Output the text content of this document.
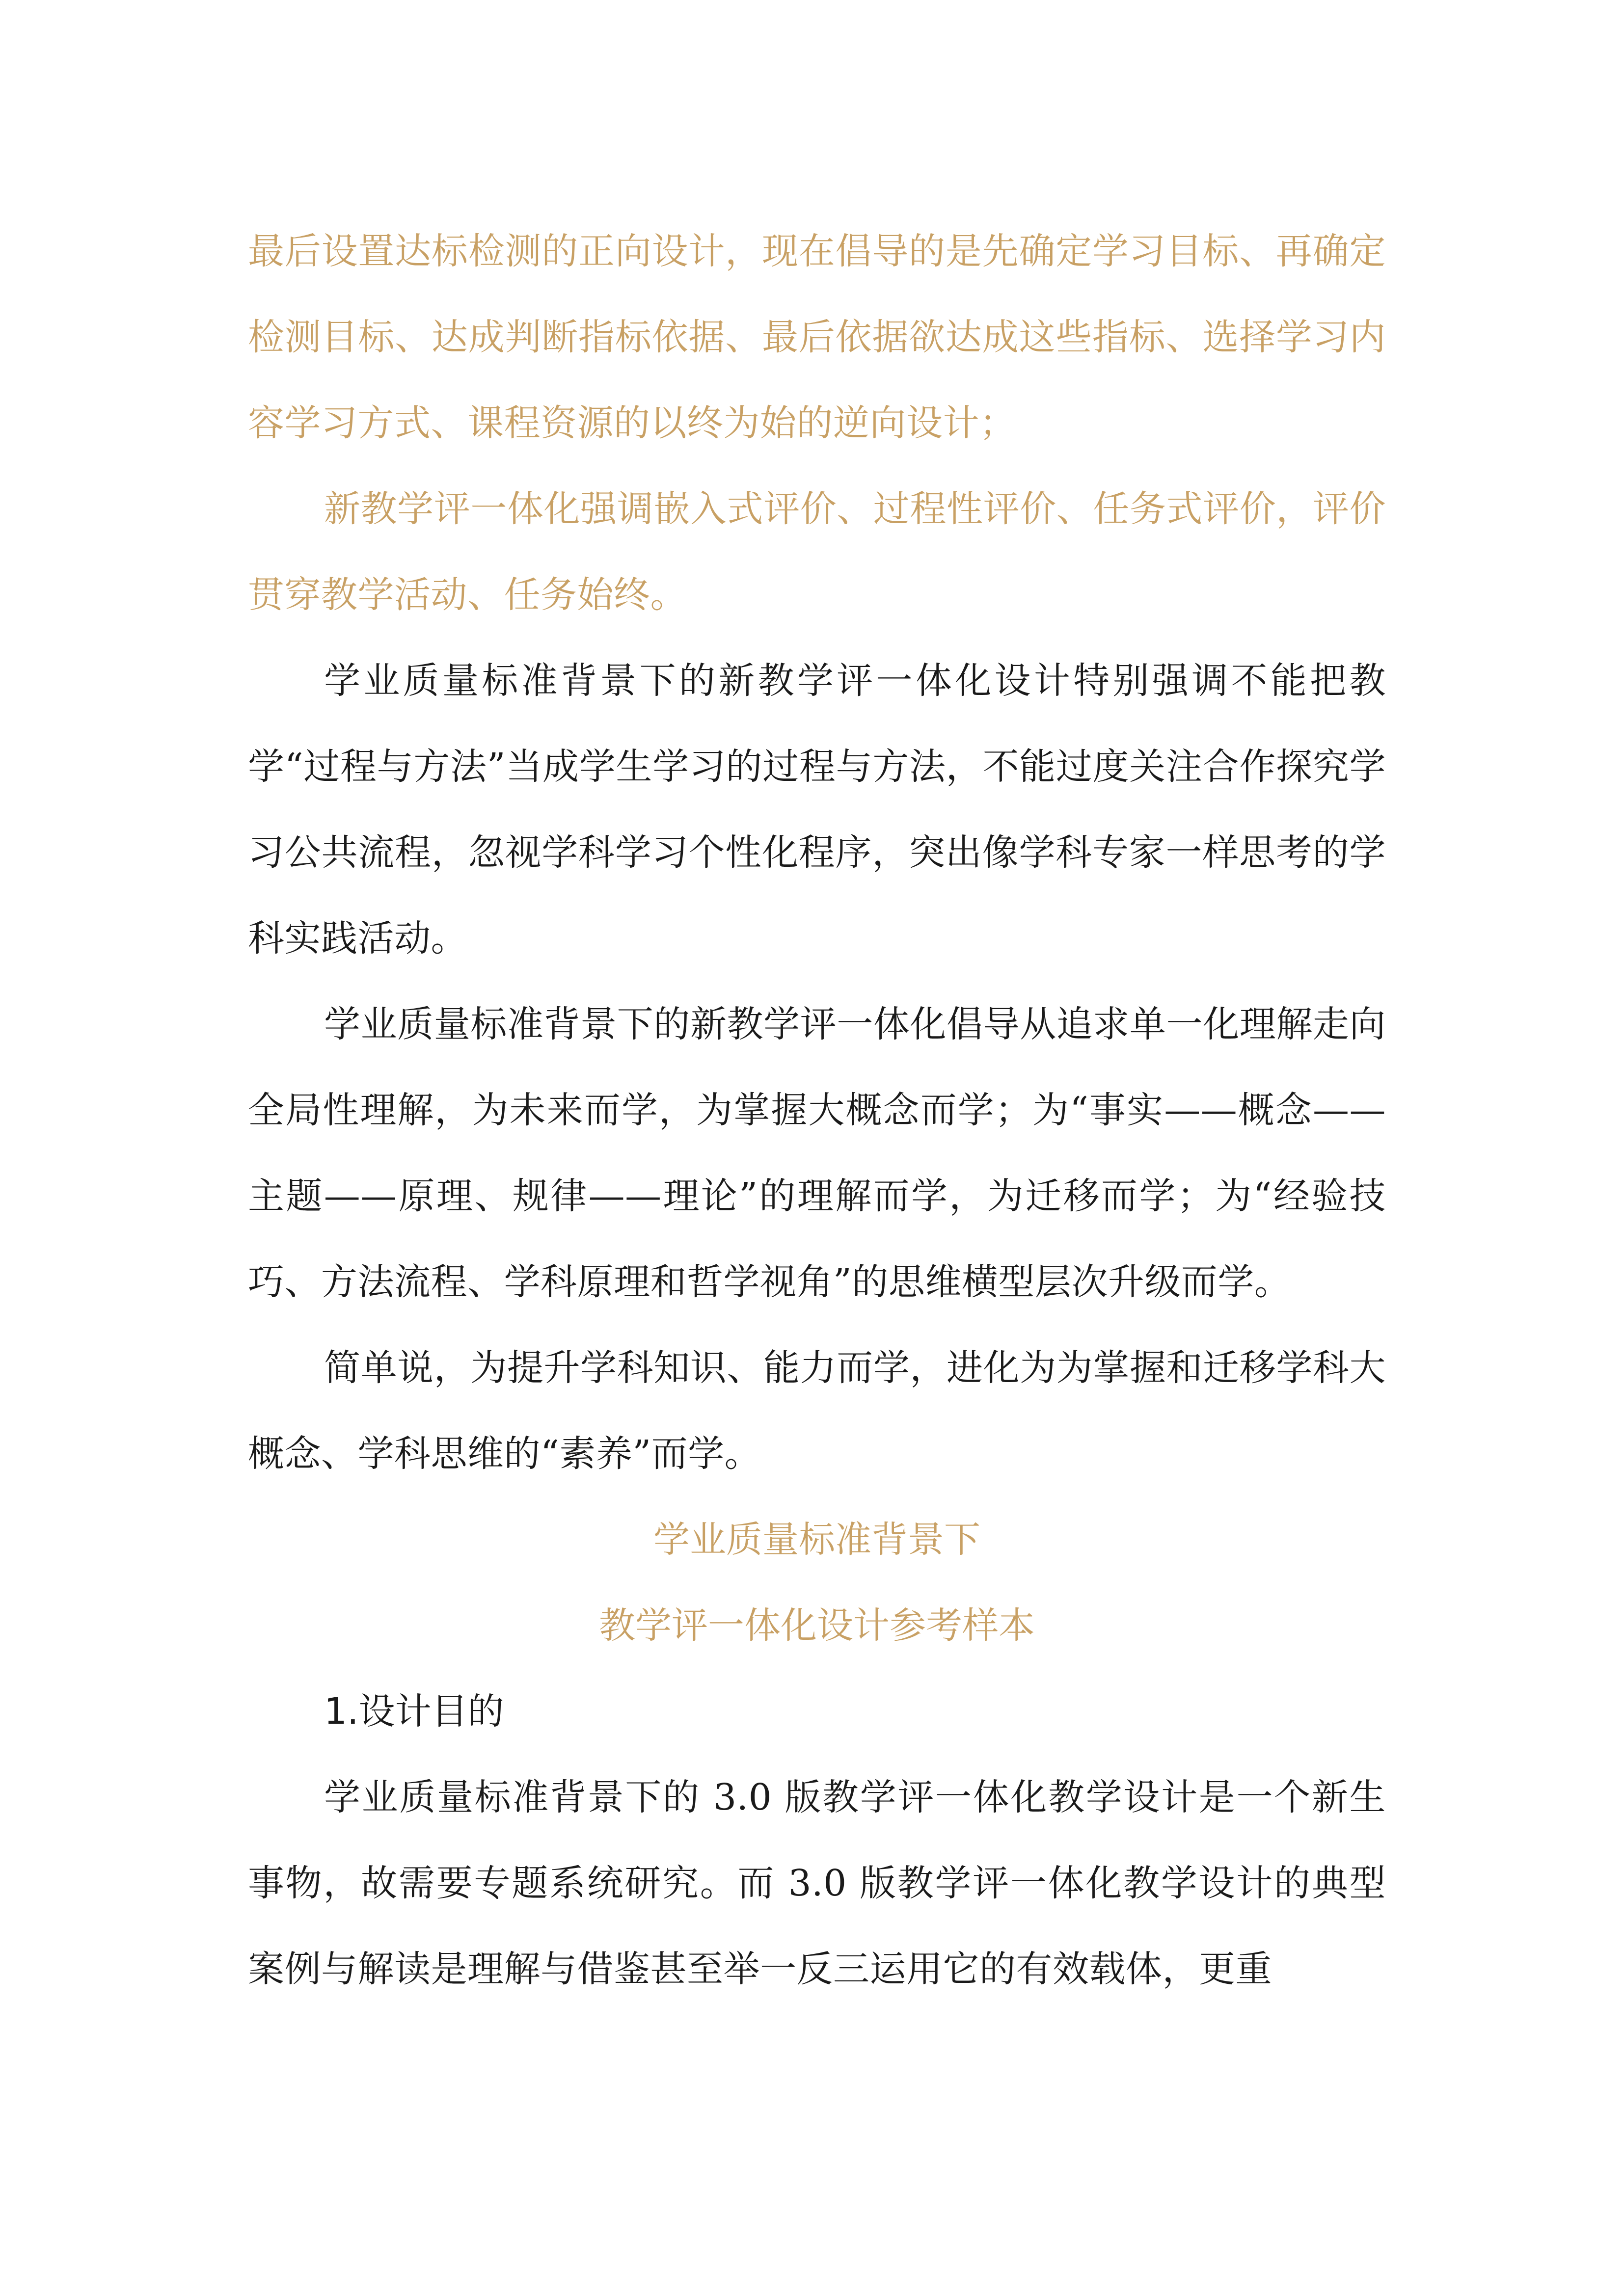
最后设置达标检测的正向设计，现在倡导的是先确定学习目标、再确定检测目标、达成判断指标依据、最后依据欲达成这些指标、选择学习内容学习方式、课程资源的以终为始的逆向设计；

新教学评一体化强调嵌入式评价、过程性评价、任务式评价，评价贯穿教学活动、任务始终。

学业质量标准背景下的新教学评一体化设计特别强调不能把教学“过程与方法”当成学生学习的过程与方法，不能过度关注合作探究学习公共流程，忽视学科学习个性化程序，突出像学科专家一样思考的学科实践活动。

学业质量标准背景下的新教学评一体化倡导从追求单一化理解走向全局性理解，为未来而学，为掌握大概念而学；为“事实——概念——主题——原理、规律——理论”的理解而学，为迁移而学；为“经验技巧、方法流程、学科原理和哲学视角”的思维横型层次升级而学。

简单说，为提升学科知识、能力而学，进化为为掌握和迁移学科大概念、学科思维的“素养”而学。

学业质量标准背景下

教学评一体化设计参考样本

1.设计目的

学业质量标准背景下的 3.0 版教学评一体化教学设计是一个新生事物，故需要专题系统研究。而 3.0 版教学评一体化教学设计的典型案例与解读是理解与借鉴甚至举一反三运用它的有效载体，更重
